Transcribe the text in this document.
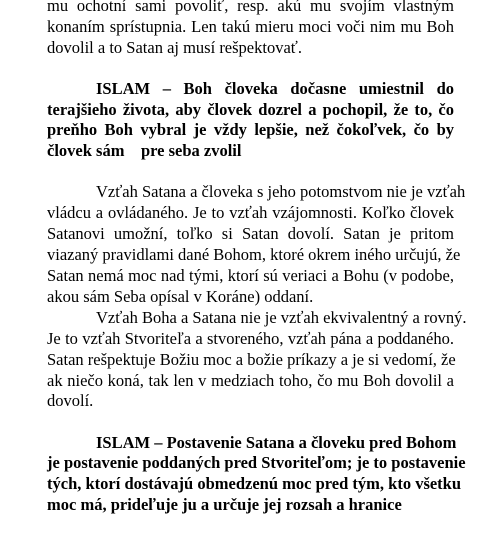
mu ochotní sami povoliť, resp. akú mu svojím vlastným
konaním sprístupnia. Len takú mieru moci voči nim mu Boh
dovolil a to Satan aj musí rešpektovať.
ISLAM – Boh človeka dočasne umiestnil do
terajšieho života, aby človek dozrel a pochopil, že to, čo
preňho Boh vybral je vždy lepšie, než čokoľvek, čo by
človek sám    pre seba zvolil
Vzťah Satana a človeka s jeho potomstvom nie je vzťah
vládcu a ovládaného. Je to vzťah vzájomnosti. Koľko človek
Satanovi umožní, toľko si Satan dovolí. Satan je pritom
viazaný pravidlami dané Bohom, ktoré okrem iného určujú, že
Satan nemá moc nad tými, ktorí sú veriaci a Bohu (v podobe,
akou sám Seba opísal v Koráne) oddaní.
Vzťah Boha a Satana nie je vzťah ekvivalentný a rovný.
Je to vzťah Stvoriteľa a stvoreného, vzťah pána a poddaného.
Satan rešpektuje Božiu moc a božie príkazy a je si vedomí, že
ak niečo koná, tak len v medziach toho, čo mu Boh dovolil a
dovolí.
ISLAM – Postavenie Satana a človeku pred Bohom
je postavenie poddaných pred Stvoriteľom; je to postavenie
tých, ktorí dostávajú obmedzenú moc pred tým, kto všetku
moc má, prideľuje ju a určuje jej rozsah a hranice
